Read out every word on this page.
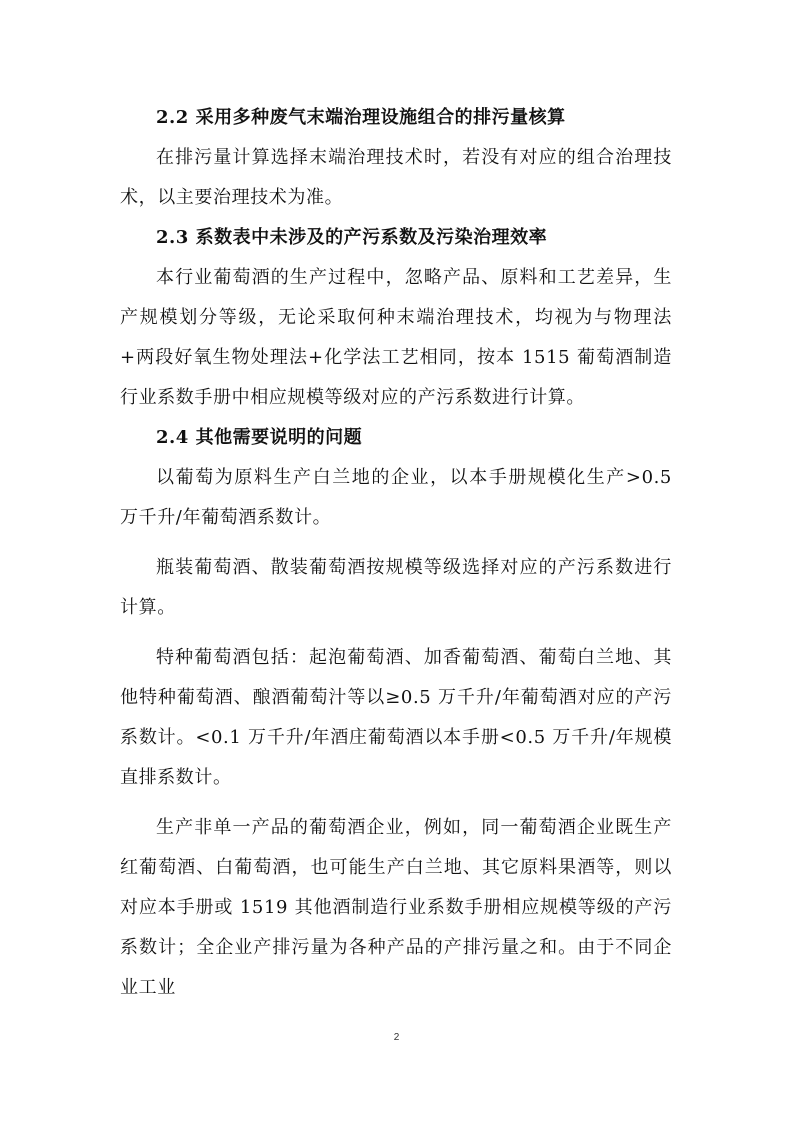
2.2 采用多种废气末端治理设施组合的排污量核算

在排污量计算选择末端治理技术时，若没有对应的组合治理技术，以主要治理技术为准。

2.3 系数表中未涉及的产污系数及污染治理效率

本行业葡萄酒的生产过程中，忽略产品、原料和工艺差异，生产规模划分等级，无论采取何种末端治理技术，均视为与物理法+两段好氧生物处理法+化学法工艺相同，按本 1515 葡萄酒制造行业系数手册中相应规模等级对应的产污系数进行计算。

2.4 其他需要说明的问题

以葡萄为原料生产白兰地的企业，以本手册规模化生产>0.5 万千升/年葡萄酒系数计。

瓶装葡萄酒、散装葡萄酒按规模等级选择对应的产污系数进行计算。

特种葡萄酒包括：起泡葡萄酒、加香葡萄酒、葡萄白兰地、其他特种葡萄酒、酿酒葡萄汁等以≥0.5 万千升/年葡萄酒对应的产污系数计。<0.1 万千升/年酒庄葡萄酒以本手册<0.5 万千升/年规模直排系数计。

生产非单一产品的葡萄酒企业，例如，同一葡萄酒企业既生产红葡萄酒、白葡萄酒，也可能生产白兰地、其它原料果酒等，则以对应本手册或 1519 其他酒制造行业系数手册相应规模等级的产污系数计；全企业产排污量为各种产品的产排污量之和。由于不同企业工业

2
